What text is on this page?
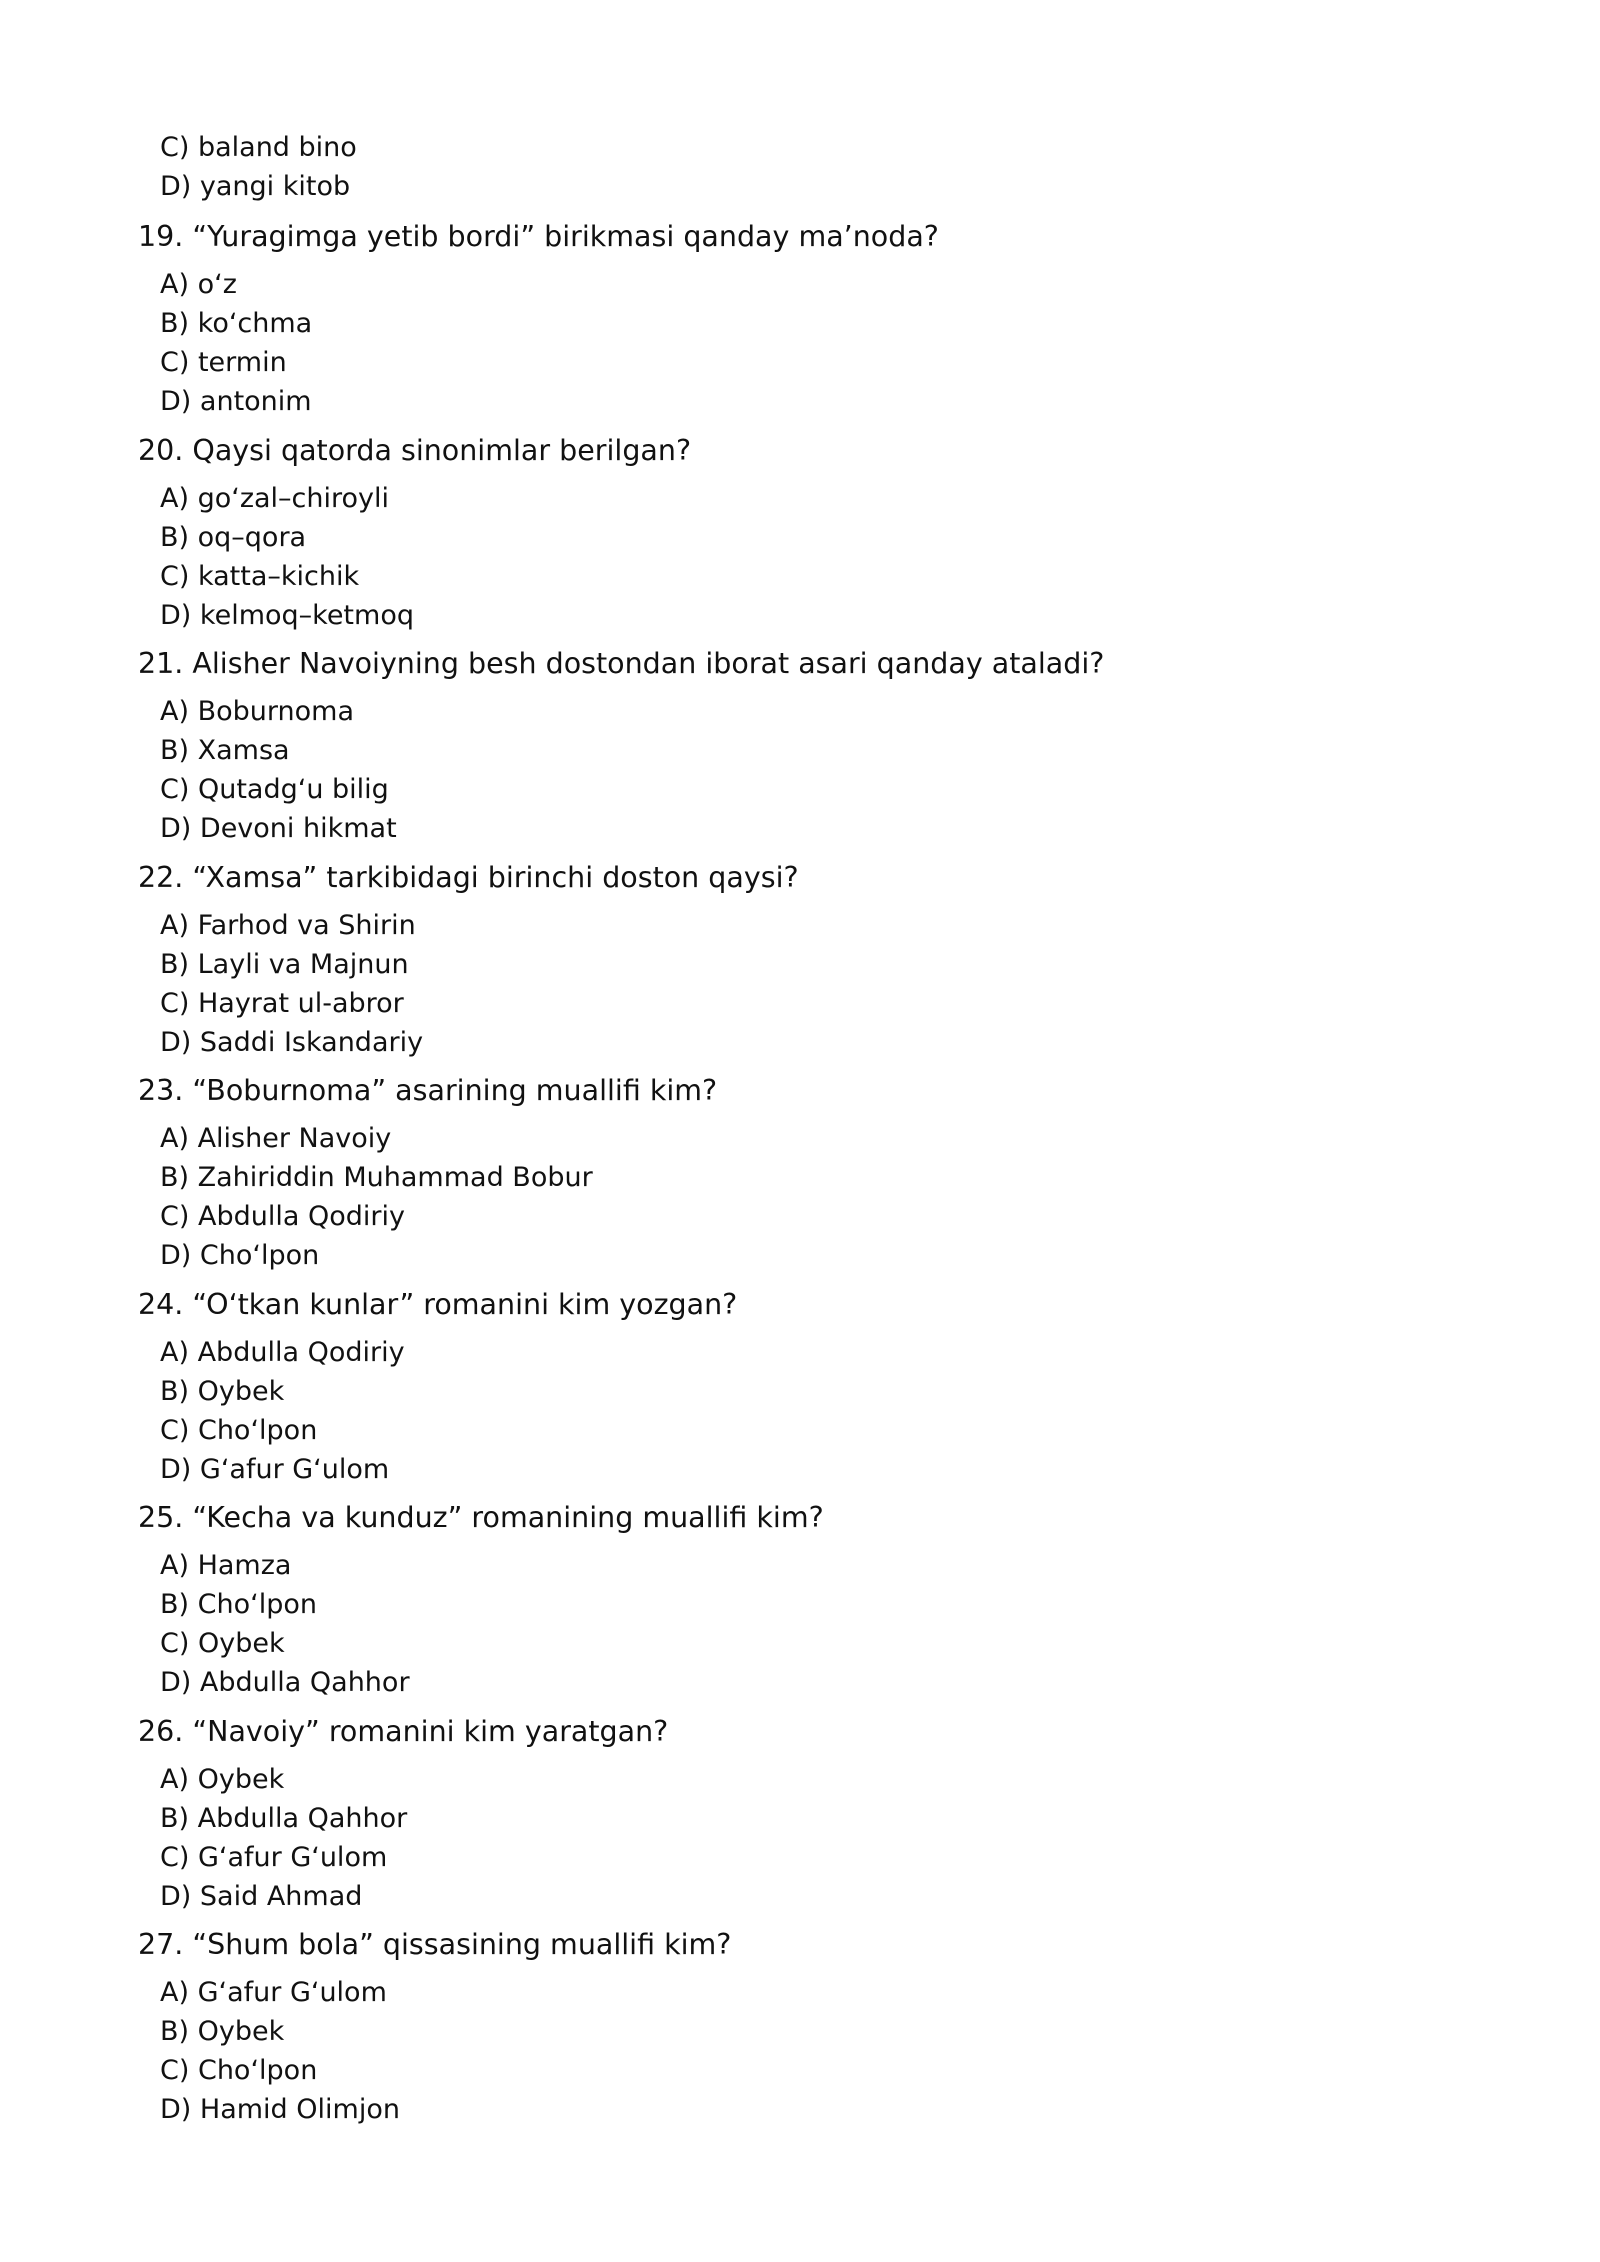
C) baland bino
D) yangi kitob
19. “Yuragimga yetib bordi” birikmasi qanday ma’noda?
A) oʻz
B) koʻchma
C) termin
D) antonim
20. Qaysi qatorda sinonimlar berilgan?
A) goʻzal–chiroyli
B) oq–qora
C) katta–kichik
D) kelmoq–ketmoq
21. Alisher Navoiyning besh dostondan iborat asari qanday ataladi?
A) Boburnoma
B) Xamsa
C) Qutadgʻu bilig
D) Devoni hikmat
22. “Xamsa” tarkibidagi birinchi doston qaysi?
A) Farhod va Shirin
B) Layli va Majnun
C) Hayrat ul-abror
D) Saddi Iskandariy
23. “Boburnoma” asarining muallifi kim?
A) Alisher Navoiy
B) Zahiriddin Muhammad Bobur
C) Abdulla Qodiriy
D) Choʻlpon
24. “Oʻtkan kunlar” romanini kim yozgan?
A) Abdulla Qodiriy
B) Oybek
C) Choʻlpon
D) Gʻafur Gʻulom
25. “Kecha va kunduz” romanining muallifi kim?
A) Hamza
B) Choʻlpon
C) Oybek
D) Abdulla Qahhor
26. “Navoiy” romanini kim yaratgan?
A) Oybek
B) Abdulla Qahhor
C) Gʻafur Gʻulom
D) Said Ahmad
27. “Shum bola” qissasining muallifi kim?
A) Gʻafur Gʻulom
B) Oybek
C) Choʻlpon
D) Hamid Olimjon
